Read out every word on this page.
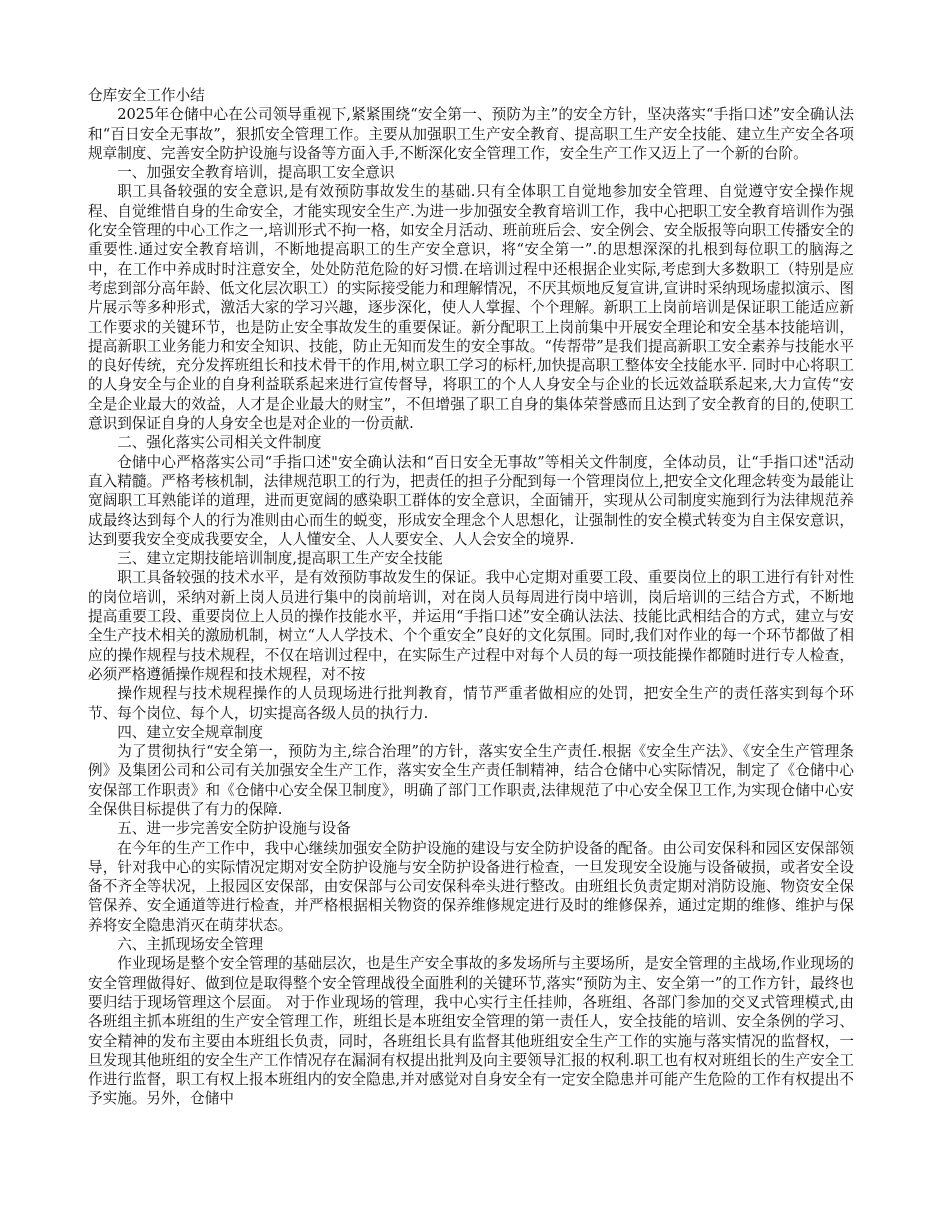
仓库安全工作小结

2025年仓储中心在公司领导重视下,紧紧围绕“安全第一、预防为主”的安全方针，坚决落实“手指口述”安全确认法和“百日安全无事故”，狠抓安全管理工作。主要从加强职工生产安全教育、提高职工生产安全技能、建立生产安全各项规章制度、完善安全防护设施与设备等方面入手,不断深化安全管理工作，安全生产工作又迈上了一个新的台阶。

一、加强安全教育培训，提高职工安全意识

职工具备较强的安全意识,是有效预防事故发生的基础.只有全体职工自觉地参加安全管理、自觉遵守安全操作规程、自觉维惜自身的生命安全，才能实现安全生产.为进一步加强安全教育培训工作，我中心把职工安全教育培训作为强化安全管理的中心工作之一,培训形式不拘一格，如安全月活动、班前班后会、安全例会、安全版报等向职工传播安全的重要性.通过安全教育培训，不断地提高职工的生产安全意识，将“安全第一”.的思想深深的扎根到每位职工的脑海之中，在工作中养成时时注意安全，处处防范危险的好习惯.在培训过程中还根据企业实际,考虑到大多数职工（特别是应考虑到部分高年龄、低文化层次职工）的实际接受能力和理解情况，不厌其烦地反复宣讲,宣讲时采纳现场虚拟演示、图片展示等多种形式，激活大家的学习兴趣，逐步深化，使人人掌握、个个理解。新职工上岗前培训是保证职工能适应新工作要求的关键环节，也是防止安全事故发生的重要保证。新分配职工上岗前集中开展安全理论和安全基本技能培训，提高新职工业务能力和安全知识、技能，防止无知而发生的安全事故。“传帮带”是我们提高新职工安全素养与技能水平的良好传统，充分发挥班组长和技术骨干的作用,树立职工学习的标杆,加快提高职工整体安全技能水平. 同时中心将职工的人身安全与企业的自身利益联系起来进行宣传督导，将职工的个人人身安全与企业的长远效益联系起来,大力宣传“安全是企业最大的效益，人才是企业最大的财宝”，不但增强了职工自身的集体荣誉感而且达到了安全教育的目的,使职工意识到保证自身的人身安全也是对企业的一份贡献.

二、强化落实公司相关文件制度

仓储中心严格落实公司“手指口述"安全确认法和“百日安全无事故”等相关文件制度，全体动员，让“手指口述"活动直入精髓。严格考核机制，法律规范职工的行为，把责任的担子分配到每一个管理岗位上,把安全文化理念转变为最能让宽阔职工耳熟能详的道理，进而更宽阔的感染职工群体的安全意识，全面铺开，实现从公司制度实施到行为法律规范养成最终达到每个人的行为准则由心而生的蜕变，形成安全理念个人思想化，让强制性的安全模式转变为自主保安意识，达到要我安全变成我要安全，人人懂安全、人人要安全、人人会安全的境界.

三、建立定期技能培训制度,提高职工生产安全技能

职工具备较强的技术水平，是有效预防事故发生的保证。我中心定期对重要工段、重要岗位上的职工进行有针对性的岗位培训，采纳对新上岗人员进行集中的岗前培训，对在岗人员每周进行岗中培训，岗后培训的三结合方式，不断地提高重要工段、重要岗位上人员的操作技能水平，并运用“手指口述”安全确认法法、技能比武相结合的方式，建立与安全生产技术相关的激励机制，树立“人人学技术、个个重安全”良好的文化氛围。同时,我们对作业的每一个环节都做了相应的操作规程与技术规程，不仅在培训过程中，在实际生产过程中对每个人员的每一项技能操作都随时进行专人检查，必须严格遵循操作规程和技术规程，对不按

操作规程与技术规程操作的人员现场进行批判教育，情节严重者做相应的处罚，把安全生产的责任落实到每个环节、每个岗位、每个人，切实提高各级人员的执行力.

四、建立安全规章制度

为了贯彻执行“安全第一，预防为主,综合治理”的方针，落实安全生产责任.根据《安全生产法》、《安全生产管理条例》及集团公司和公司有关加强安全生产工作，落实安全生产责任制精神，结合仓储中心实际情况，制定了《仓储中心安保部工作职责》和《仓储中心安全保卫制度》，明确了部门工作职责,法律规范了中心安全保卫工作,为实现仓储中心安全保供目标提供了有力的保障.

五、进一步完善安全防护设施与设备

在今年的生产工作中，我中心继续加强安全防护设施的建设与安全防护设备的配备。由公司安保科和园区安保部领导，针对我中心的实际情况定期对安全防护设施与安全防护设备进行检查，一旦发现安全设施与设备破损，或者安全设备不齐全等状况，上报园区安保部，由安保部与公司安保科牵头进行整改。由班组长负责定期对消防设施、物资安全保管保养、安全通道等进行检查，并严格根据相关物资的保养维修规定进行及时的维修保养，通过定期的维修、维护与保养将安全隐患消灭在萌芽状态。

六、主抓现场安全管理

作业现场是整个安全管理的基础层次，也是生产安全事故的多发场所与主要场所，是安全管理的主战场,作业现场的安全管理做得好、做到位是取得整个安全管理战役全面胜利的关键环节,落实“预防为主、安全第一”的工作方针，最终也要归结于现场管理这个层面。 对于作业现场的管理，我中心实行主任挂帅，各班组、各部门参加的交叉式管理模式,由各班组主抓本班组的生产安全管理工作，班组长是本班组安全管理的第一责任人，安全技能的培训、安全条例的学习、安全精神的发布主要由本班组长负责，同时，各班组长具有监督其他班组安全生产工作的实施与落实情况的监督权，一旦发现其他班组的安全生产工作情况存在漏洞有权提出批判及向主要领导汇报的权利.职工也有权对班组长的生产安全工作进行监督，职工有权上报本班组内的安全隐患,并对感觉对自身安全有一定安全隐患并可能产生危险的工作有权提出不予实施。另外，仓储中
